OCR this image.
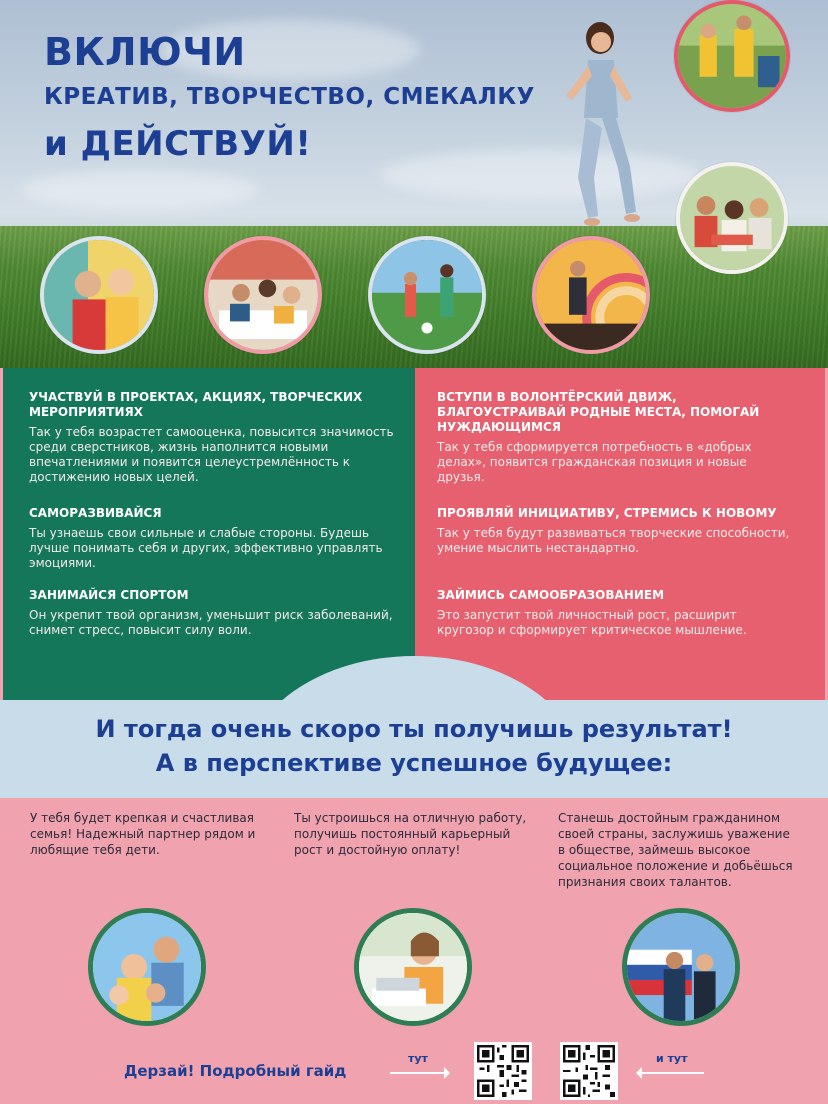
ВКЛЮЧИ
КРЕАТИВ, ТВОРЧЕСТВО, СМЕКАЛКУ
и ДЕЙСТВУЙ!
УЧАСТВУЙ В ПРОЕКТАХ, АКЦИЯХ, ТВОРЧЕСКИХ МЕРОПРИЯТИЯХ

Так у тебя возрастет самооценка, повысится значимость среди сверстников, жизнь наполнится новыми впечатлениями и появится целеустремлённость к достижению новых целей.

САМОРАЗВИВАЙСЯ

Ты узнаешь свои сильные и слабые стороны. Будешь лучше понимать себя и других, эффективно управлять эмоциями.

ЗАНИМАЙСЯ СПОРТОМ

Он укрепит твой организм, уменьшит риск заболеваний, снимет стресс, повысит силу воли.

ВСТУПИ В ВОЛОНТЁРСКИЙ ДВИЖ, БЛАГОУСТРАИВАЙ РОДНЫЕ МЕСТА, ПОМОГАЙ НУЖДАЮЩИМСЯ

Так у тебя сформируется потребность в «добрых делах», появится гражданская позиция и новые друзья.

ПРОЯВЛЯЙ ИНИЦИАТИВУ, СТРЕМИСЬ К НОВОМУ

Так у тебя будут развиваться творческие способности, умение мыслить нестандартно.

ЗАЙМИСЬ САМООБРАЗОВАНИЕМ

Это запустит твой личностный рост, расширит кругозор и сформирует критическое мышление.

И тогда очень скоро ты получишь результат!
А в перспективе успешное будущее:
У тебя будет крепкая и счастливая семья! Надежный партнер рядом и любящие тебя дети.
Ты устроишься на отличную работу, получишь постоянный карьерный рост и достойную оплату!
Станешь достойным гражданином своей страны, заслужишь уважение в обществе, займешь высокое социальное положение и добьёшься признания своих талантов.
Дерзай! Подробный гайд
тут	и тут
